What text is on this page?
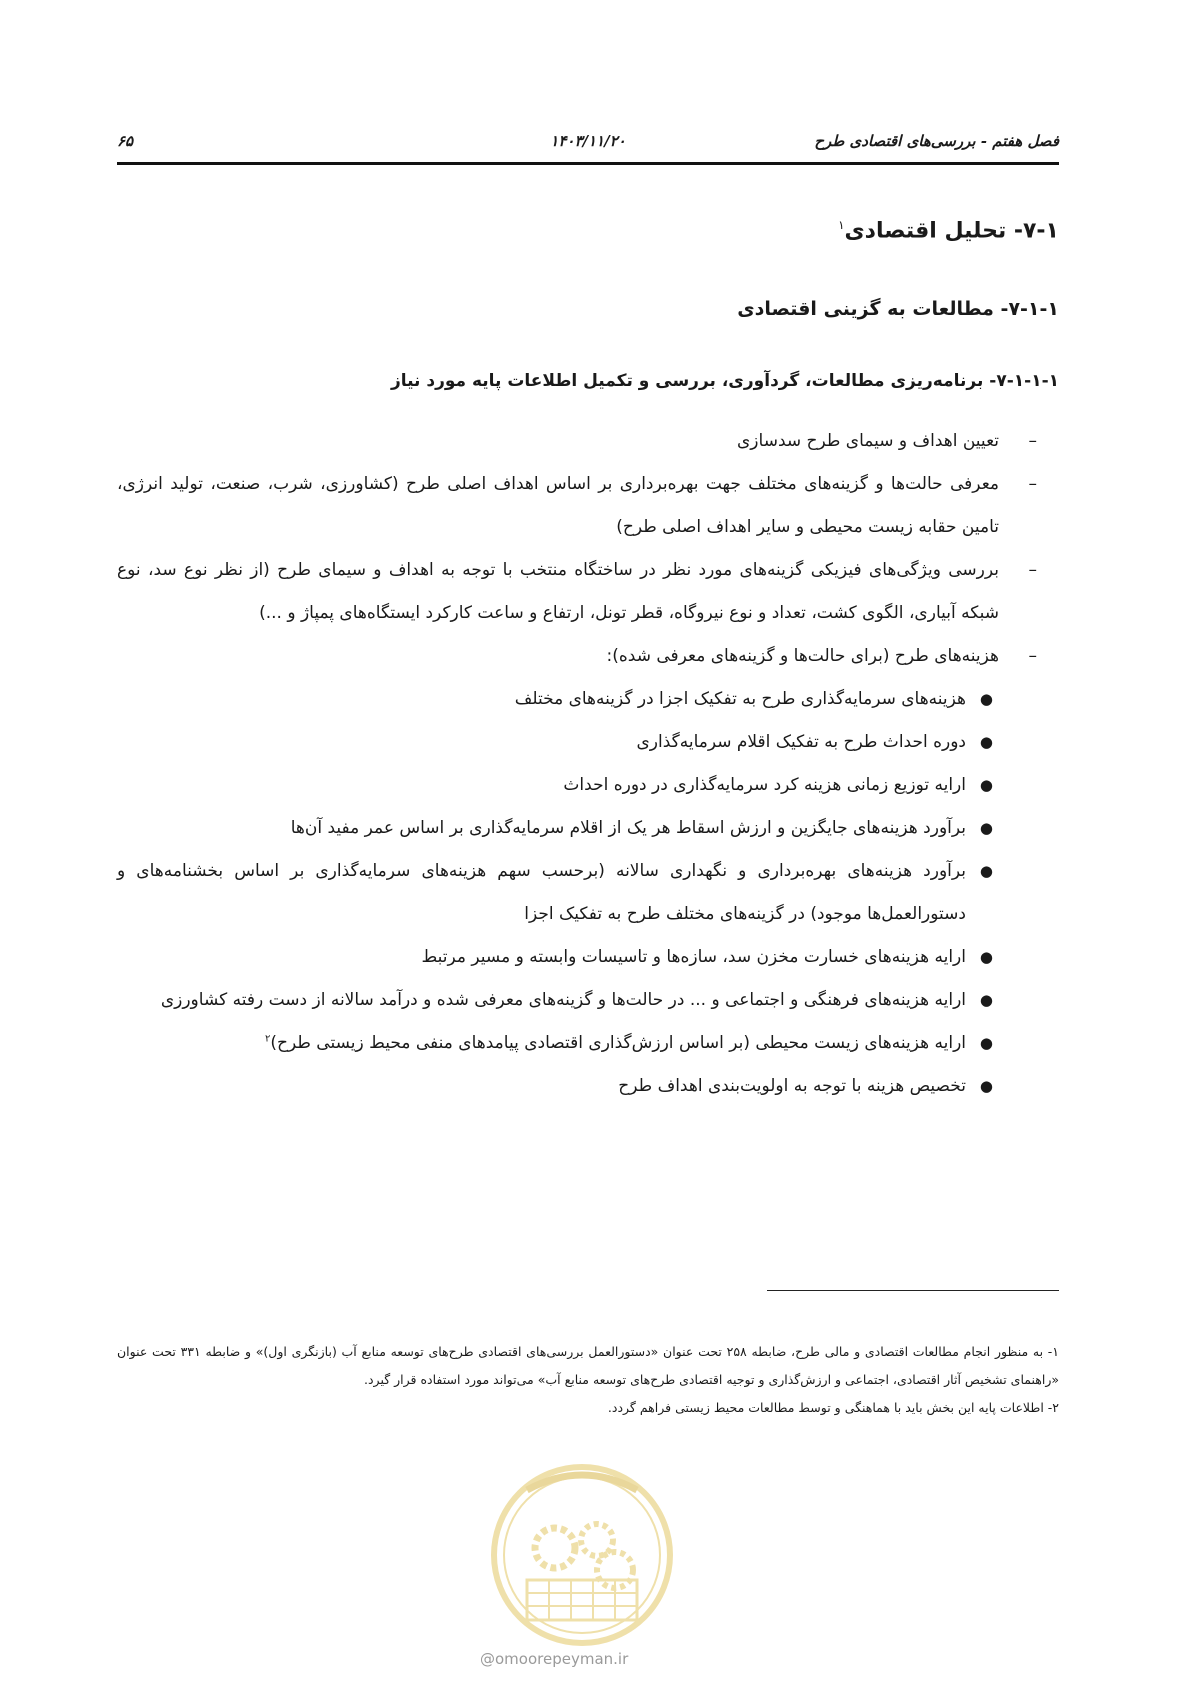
فصل هفتم - بررسی‌های اقتصادی طرح
۱۴۰۳/۱۱/۲۰
۶۵
۷-۱- تحلیل اقتصادی$^۱$
۷-۱-۱- مطالعات به گزینی اقتصادی
۷-۱-۱-۱- برنامه‌ریزی مطالعات، گردآوری، بررسی و تکمیل اطلاعات پایه مورد نیاز
–
تعیین اهداف و سیمای طرح سدسازی
–
معرفی حالت‌ها و گزینه‌های مختلف جهت بهره‌برداری بر اساس اهداف اصلی طرح (کشاورزی، شرب، صنعت، تولید انرژی، تامین حقابه زیست محیطی و سایر اهداف اصلی طرح)
–
بررسی ویژگی‌های فیزیکی گزینه‌های مورد نظر در ساختگاه منتخب با توجه به اهداف و سیمای طرح (از نظر نوع سد، نوع شبکه آبیاری، الگوی کشت، تعداد و نوع نیروگاه، قطر تونل، ارتفاع و ساعت کارکرد ایستگاه‌های پمپاژ و ...)
–
هزینه‌های طرح (برای حالت‌ها و گزینه‌های معرفی شده):
●
هزینه‌های سرمایه‌گذاری طرح به تفکیک اجزا در گزینه‌های مختلف
●
دوره احداث طرح به تفکیک اقلام سرمایه‌گذاری
●
ارایه توزیع زمانی هزینه کرد سرمایه‌گذاری در دوره احداث
●
برآورد هزینه‌های جایگزین و ارزش اسقاط هر یک از اقلام سرمایه‌گذاری بر اساس عمر مفید آن‌ها
●
برآورد هزینه‌های بهره‌برداری و نگهداری سالانه (برحسب سهم هزینه‌های سرمایه‌گذاری بر اساس بخشنامه‌های و دستورالعمل‌ها موجود) در گزینه‌های مختلف طرح به تفکیک اجزا
●
ارایه هزینه‌های خسارت مخزن سد، سازه‌ها و تاسیسات وابسته و مسیر مرتبط
●
ارایه هزینه‌های فرهنگی و اجتماعی و ... در حالت‌ها و گزینه‌های معرفی شده و درآمد سالانه از دست رفته کشاورزی
●
ارایه هزینه‌های زیست محیطی (بر اساس ارزش‌گذاری اقتصادی پیامدهای منفی محیط زیستی طرح)$^۲$
●
تخصیص هزینه با توجه به اولویت‌بندی اهداف طرح

۱- به منظور انجام مطالعات اقتصادی و مالی طرح، ضابطه ۲۵۸ تحت عنوان «دستورالعمل بررسی‌های اقتصادی طرح‌های توسعه منابع آب (بازنگری اول)» و ضابطه ۳۳۱ تحت عنوان «راهنمای تشخیص آثار اقتصادی، اجتماعی و ارزش‌گذاری و توجیه اقتصادی طرح‌های توسعه منابع آب» می‌تواند مورد استفاده قرار گیرد.

۲- اطلاعات پایه این بخش باید با هماهنگی و توسط مطالعات محیط زیستی فراهم گردد.

@omoorepeyman.ir
